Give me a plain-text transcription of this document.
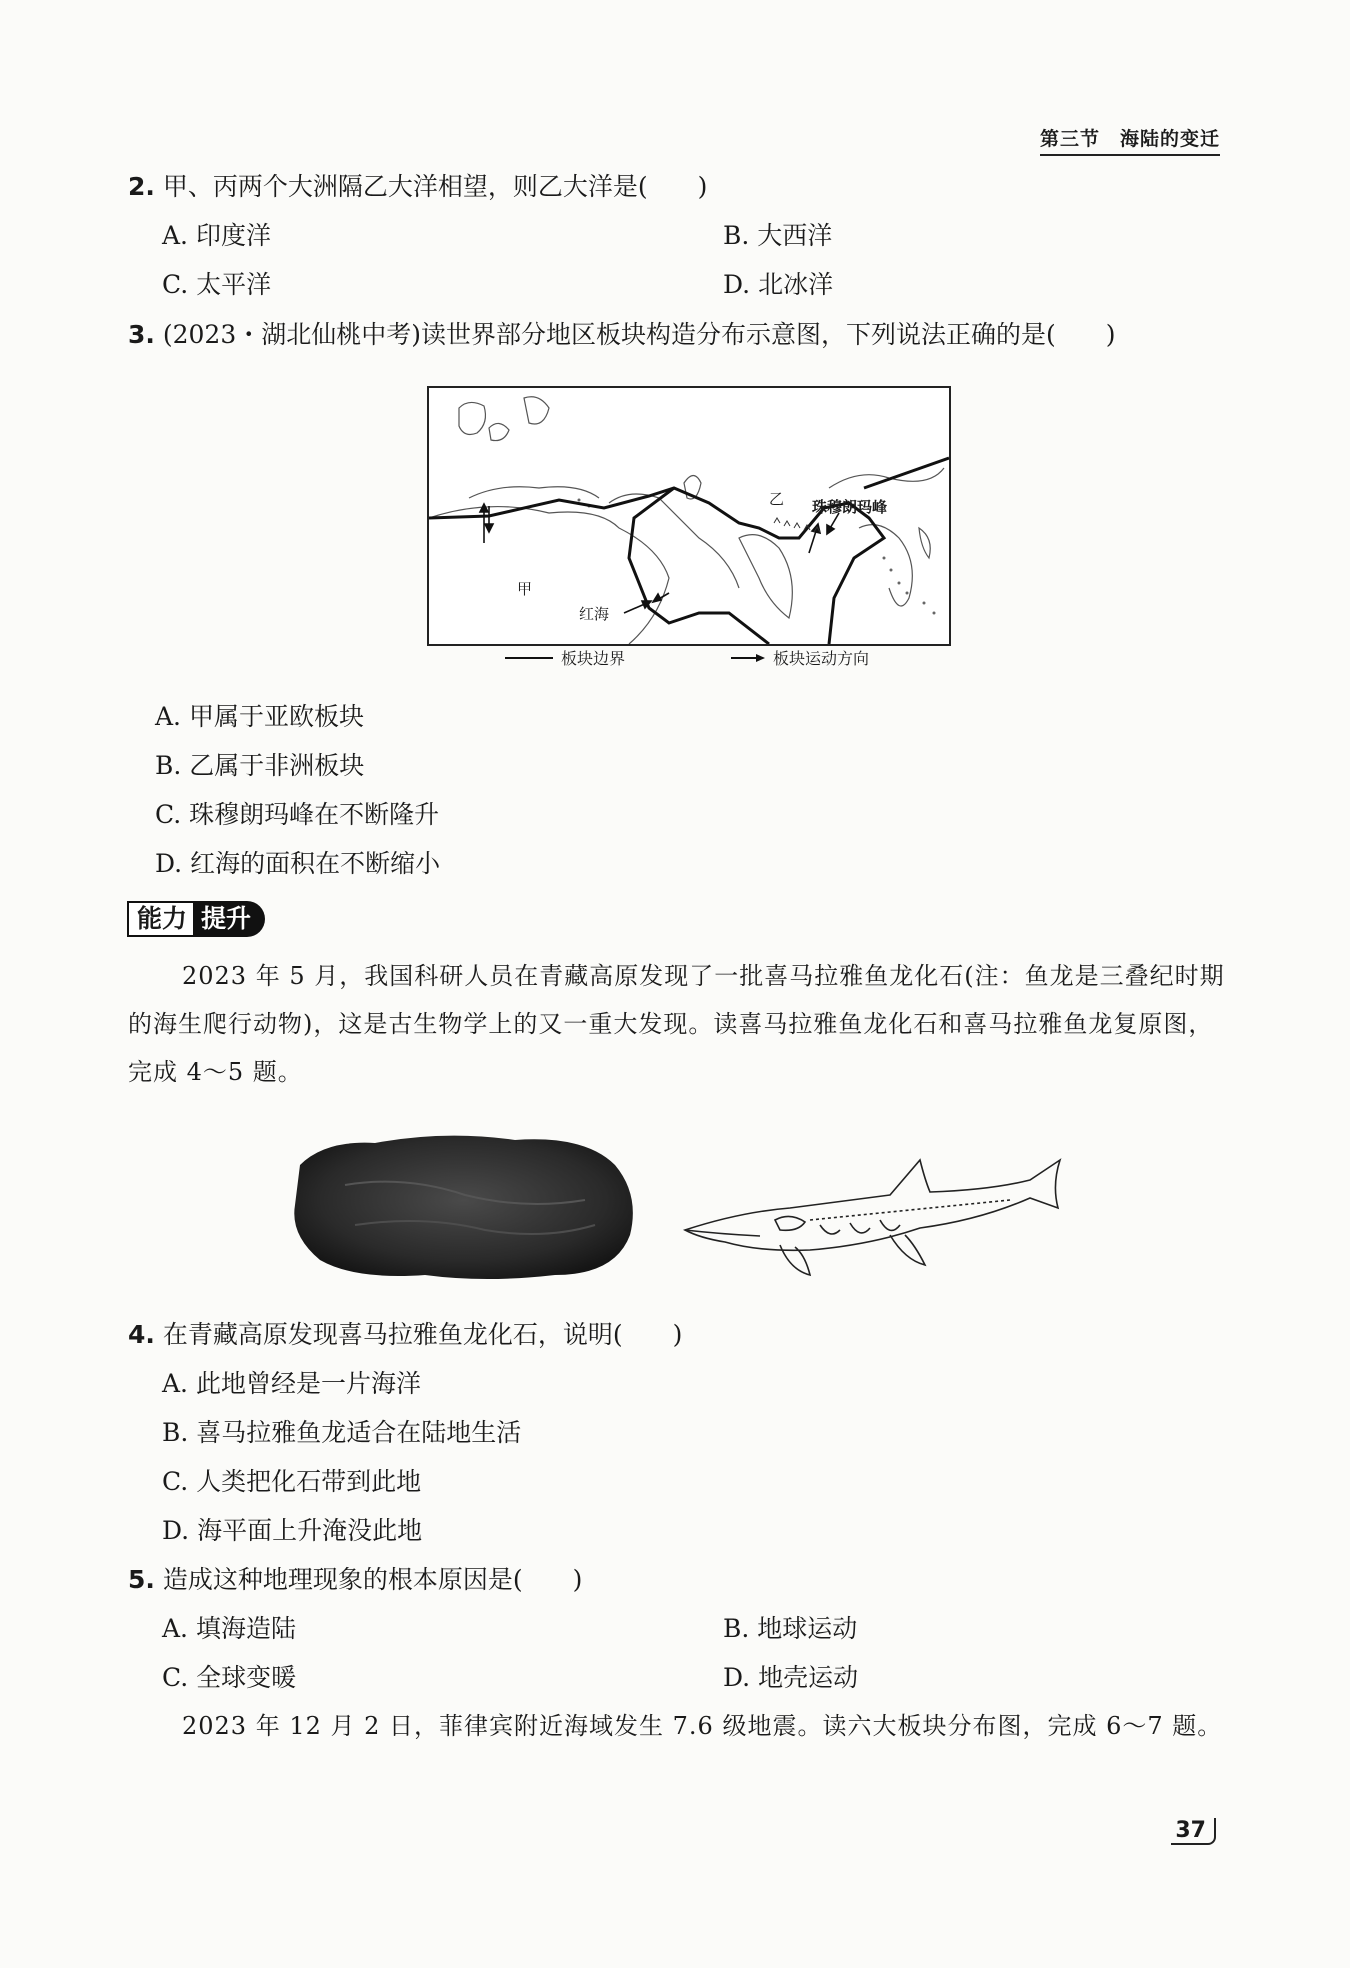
第三节　海陆的变迁
2. 甲、丙两个大洲隔乙大洋相望，则乙大洋是(　　)
A. 印度洋	B. 大西洋
C. 太平洋	D. 北冰洋
3. (2023・湖北仙桃中考)读世界部分地区板块构造分布示意图，下列说法正确的是(　　)
甲
乙
红海
珠穆朗玛峰
板块边界	板块运动方向
A. 甲属于亚欧板块
B. 乙属于非洲板块
C. 珠穆朗玛峰在不断隆升
D. 红海的面积在不断缩小
能力 提升
2023 年 5 月，我国科研人员在青藏高原发现了一批喜马拉雅鱼龙化石(注：鱼龙是三叠纪时期的海生爬行动物)，这是古生物学上的又一重大发现。读喜马拉雅鱼龙化石和喜马拉雅鱼龙复原图，完成 4～5 题。
4. 在青藏高原发现喜马拉雅鱼龙化石，说明(　　)
A. 此地曾经是一片海洋
B. 喜马拉雅鱼龙适合在陆地生活
C. 人类把化石带到此地
D. 海平面上升淹没此地
5. 造成这种地理现象的根本原因是(　　)
A. 填海造陆	B. 地球运动
C. 全球变暖	D. 地壳运动
2023 年 12 月 2 日，菲律宾附近海域发生 7.6 级地震。读六大板块分布图，完成 6～7 题。
37
